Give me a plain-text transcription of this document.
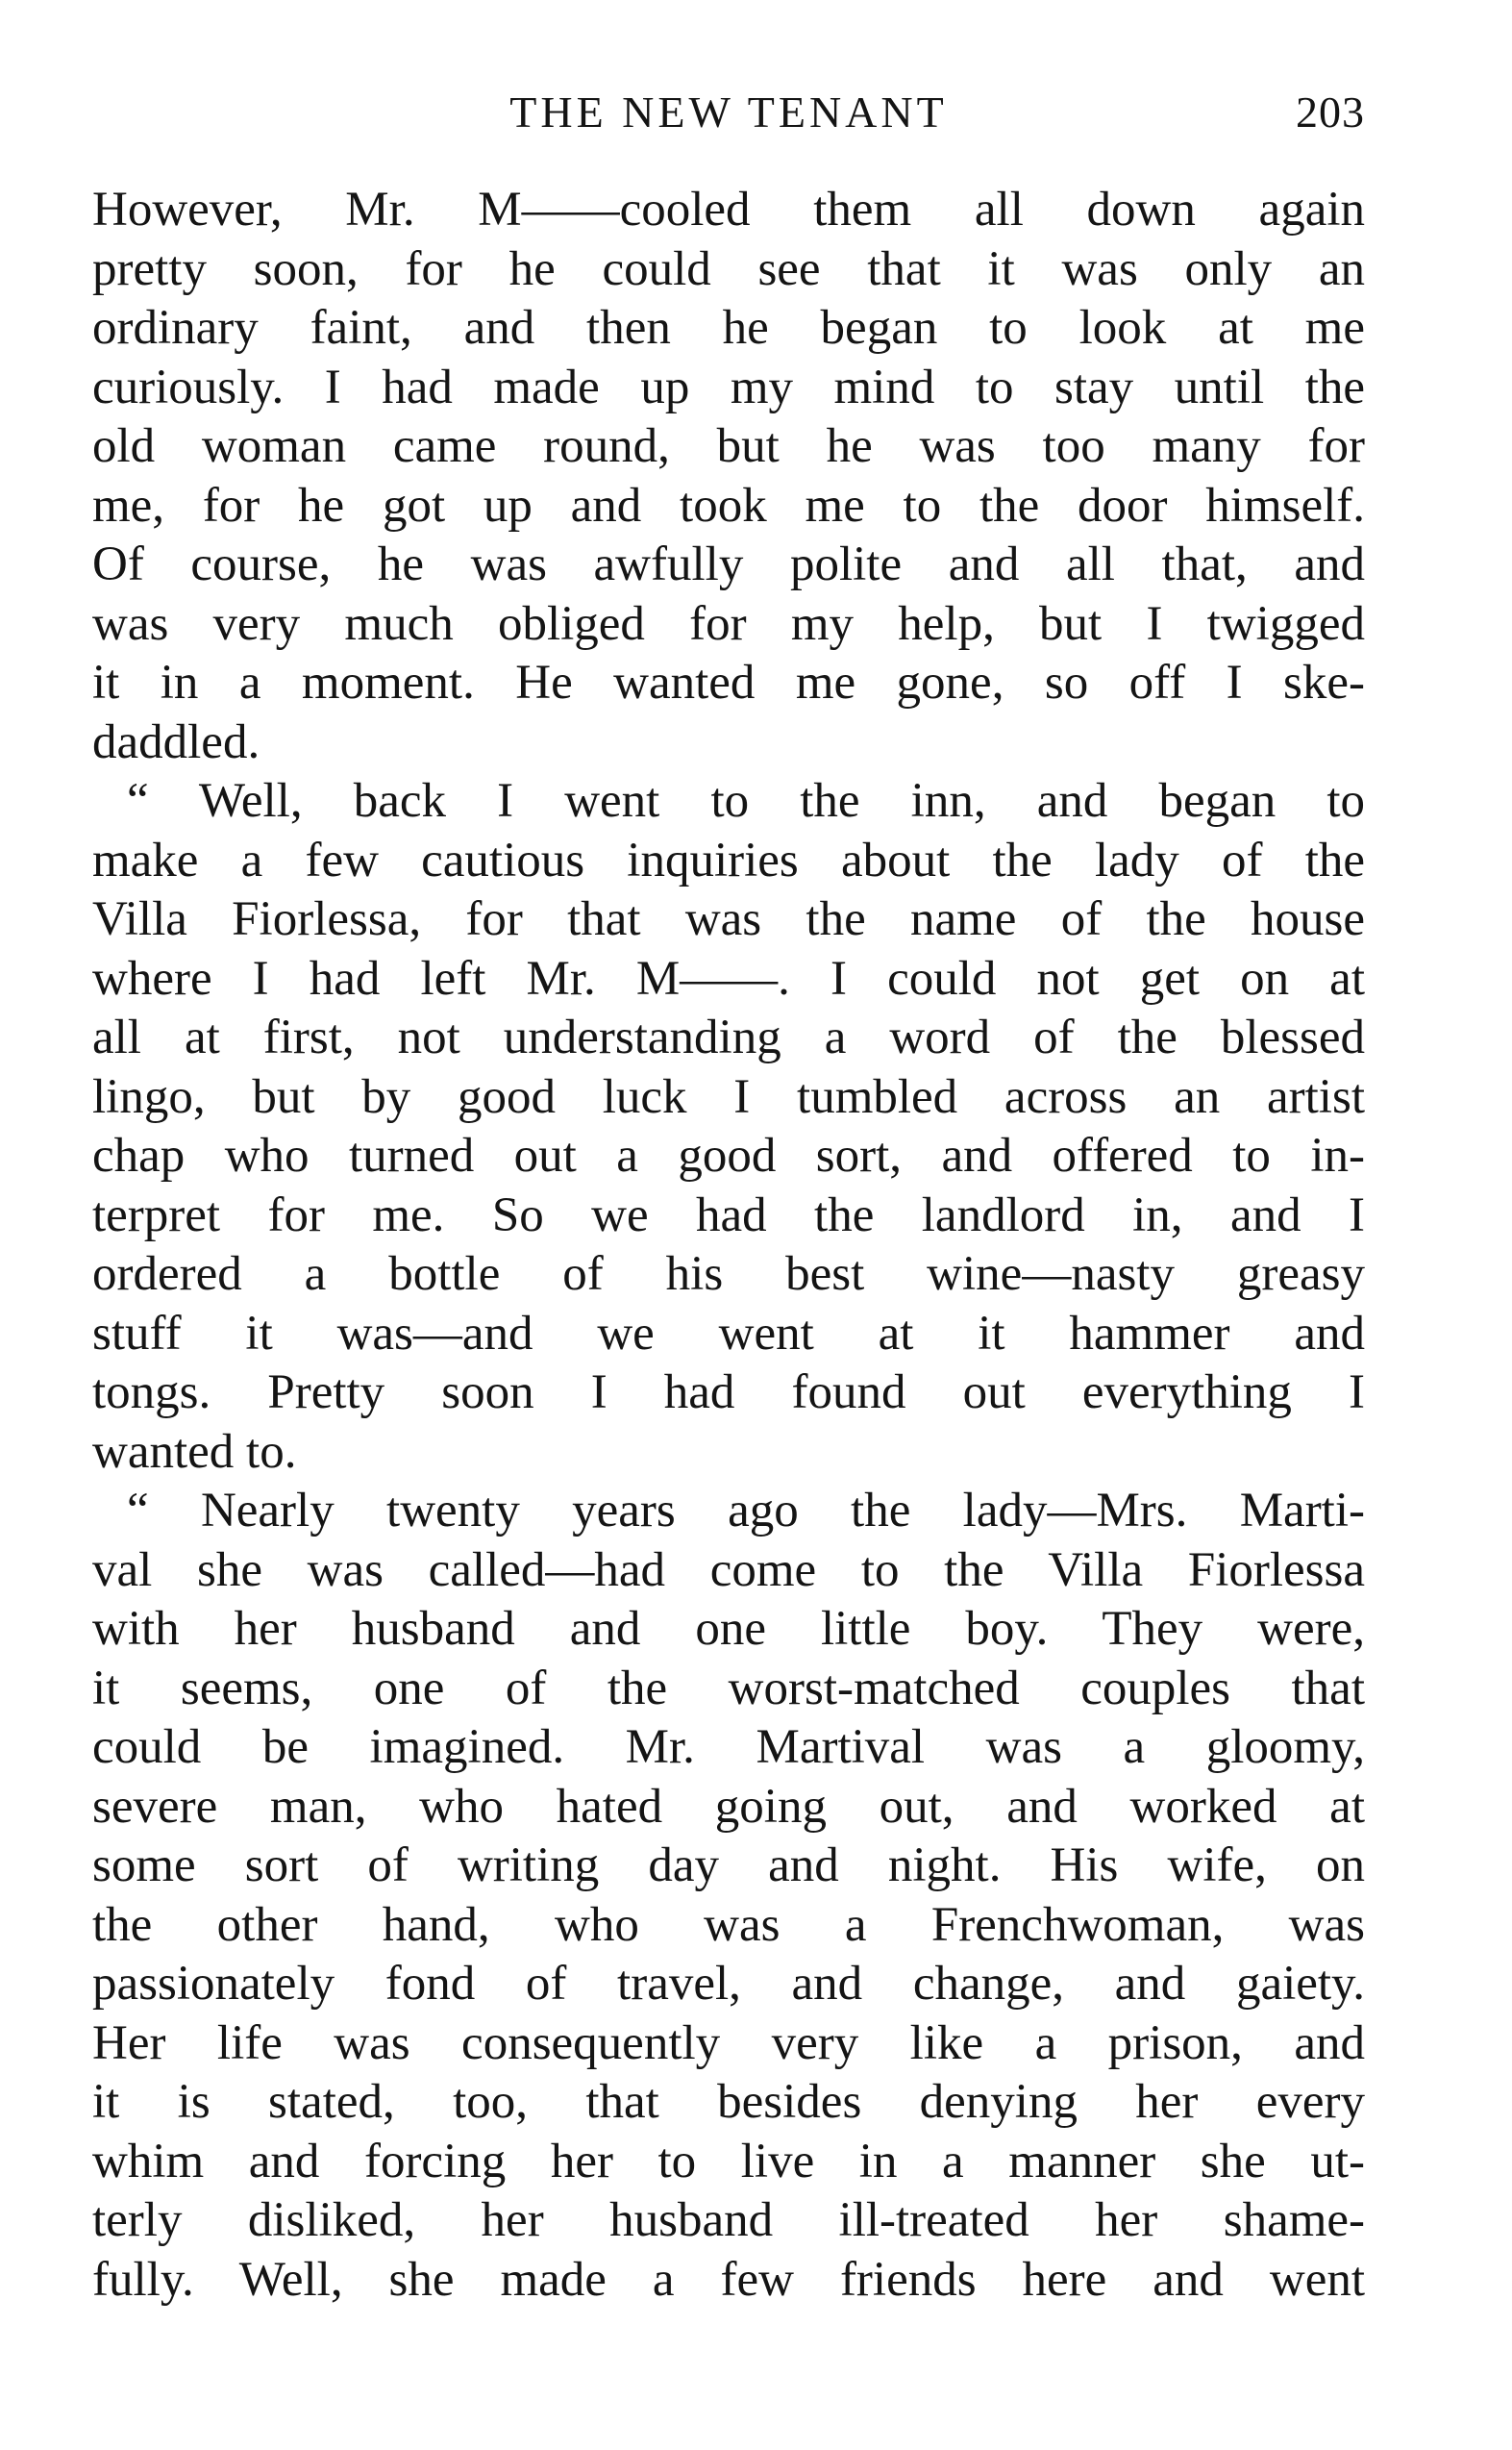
THE NEW TENANT	203
However, Mr. M——cooled them all down again
pretty soon, for he could see that it was only an
ordinary faint, and then he began to look at me
curiously. I had made up my mind to stay until the
old woman came round, but he was too many for
me, for he got up and took me to the door himself.
Of course, he was awfully polite and all that, and
was very much obliged for my help, but I twigged
it in a moment. He wanted me gone, so off I ske-
daddled.
“ Well, back I went to the inn, and began to
make a few cautious inquiries about the lady of the
Villa Fiorlessa, for that was the name of the house
where I had left Mr. M——. I could not get on at
all at first, not understanding a word of the blessed
lingo, but by good luck I tumbled across an artist
chap who turned out a good sort, and offered to in-
terpret for me. So we had the landlord in, and I
ordered a bottle of his best wine—nasty greasy
stuff it was—and we went at it hammer and
tongs. Pretty soon I had found out everything I
wanted to.
“ Nearly twenty years ago the lady—Mrs. Marti-
val she was called—had come to the Villa Fiorlessa
with her husband and one little boy. They were,
it seems, one of the worst-matched couples that
could be imagined. Mr. Martival was a gloomy,
severe man, who hated going out, and worked at
some sort of writing day and night. His wife, on
the other hand, who was a Frenchwoman, was
passionately fond of travel, and change, and gaiety.
Her life was consequently very like a prison, and
it is stated, too, that besides denying her every
whim and forcing her to live in a manner she ut-
terly disliked, her husband ill-treated her shame-
fully. Well, she made a few friends here and went
